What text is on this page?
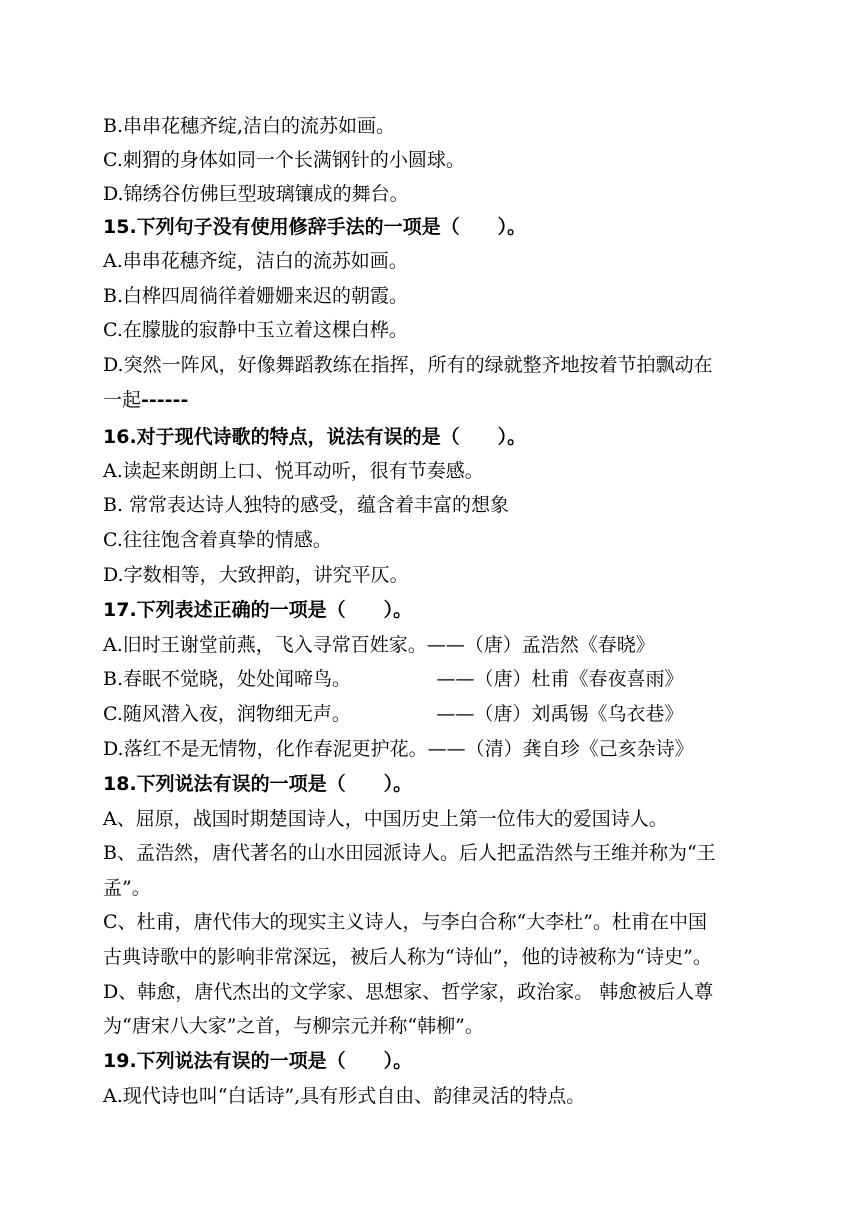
B.串串花穗齐绽,洁白的流苏如画。
C.刺猬的身体如同一个长满钢针的小圆球。
D.锦绣谷仿佛巨型玻璃镶成的舞台。
15.下列句子没有使用修辞手法的一项是（　　）。
A.串串花穗齐绽，洁白的流苏如画。
B.白桦四周徜徉着姗姗来迟的朝霞。
C.在朦胧的寂静中玉立着这棵白桦。
D.突然一阵风，好像舞蹈教练在指挥，所有的绿就整齐地按着节拍飘动在
一起------
16.对于现代诗歌的特点，说法有误的是（　　）。
A.读起来朗朗上口、悦耳动听，很有节奏感。
B. 常常表达诗人独特的感受，蕴含着丰富的想象
C.往往饱含着真挚的情感。
D.字数相等，大致押韵，讲究平仄。
17.下列表述正确的一项是（　　）。
A.旧时王谢堂前燕，飞入寻常百姓家。——（唐）孟浩然《春晓》
B.春眠不觉晓，处处闻啼鸟。　　　　　——（唐）杜甫《春夜喜雨》
C.随风潜入夜，润物细无声。　　　　　——（唐）刘禹锡《乌衣巷》
D.落红不是无情物，化作春泥更护花。——（清）龚自珍《己亥杂诗》
18.下列说法有误的一项是（　　）。
A、屈原，战国时期楚国诗人，中国历史上第一位伟大的爱国诗人。
B、孟浩然，唐代著名的山水田园派诗人。后人把孟浩然与王维并称为“王
孟”。
C、杜甫，唐代伟大的现实主义诗人，与李白合称“大李杜”。杜甫在中国
古典诗歌中的影响非常深远，被后人称为“诗仙”，他的诗被称为“诗史”。
D、韩愈，唐代杰出的文学家、思想家、哲学家，政治家。 韩愈被后人尊
为“唐宋八大家”之首，与柳宗元并称“韩柳”。
19.下列说法有误的一项是（　　）。
A.现代诗也叫“白话诗”,具有形式自由、韵律灵活的特点。
